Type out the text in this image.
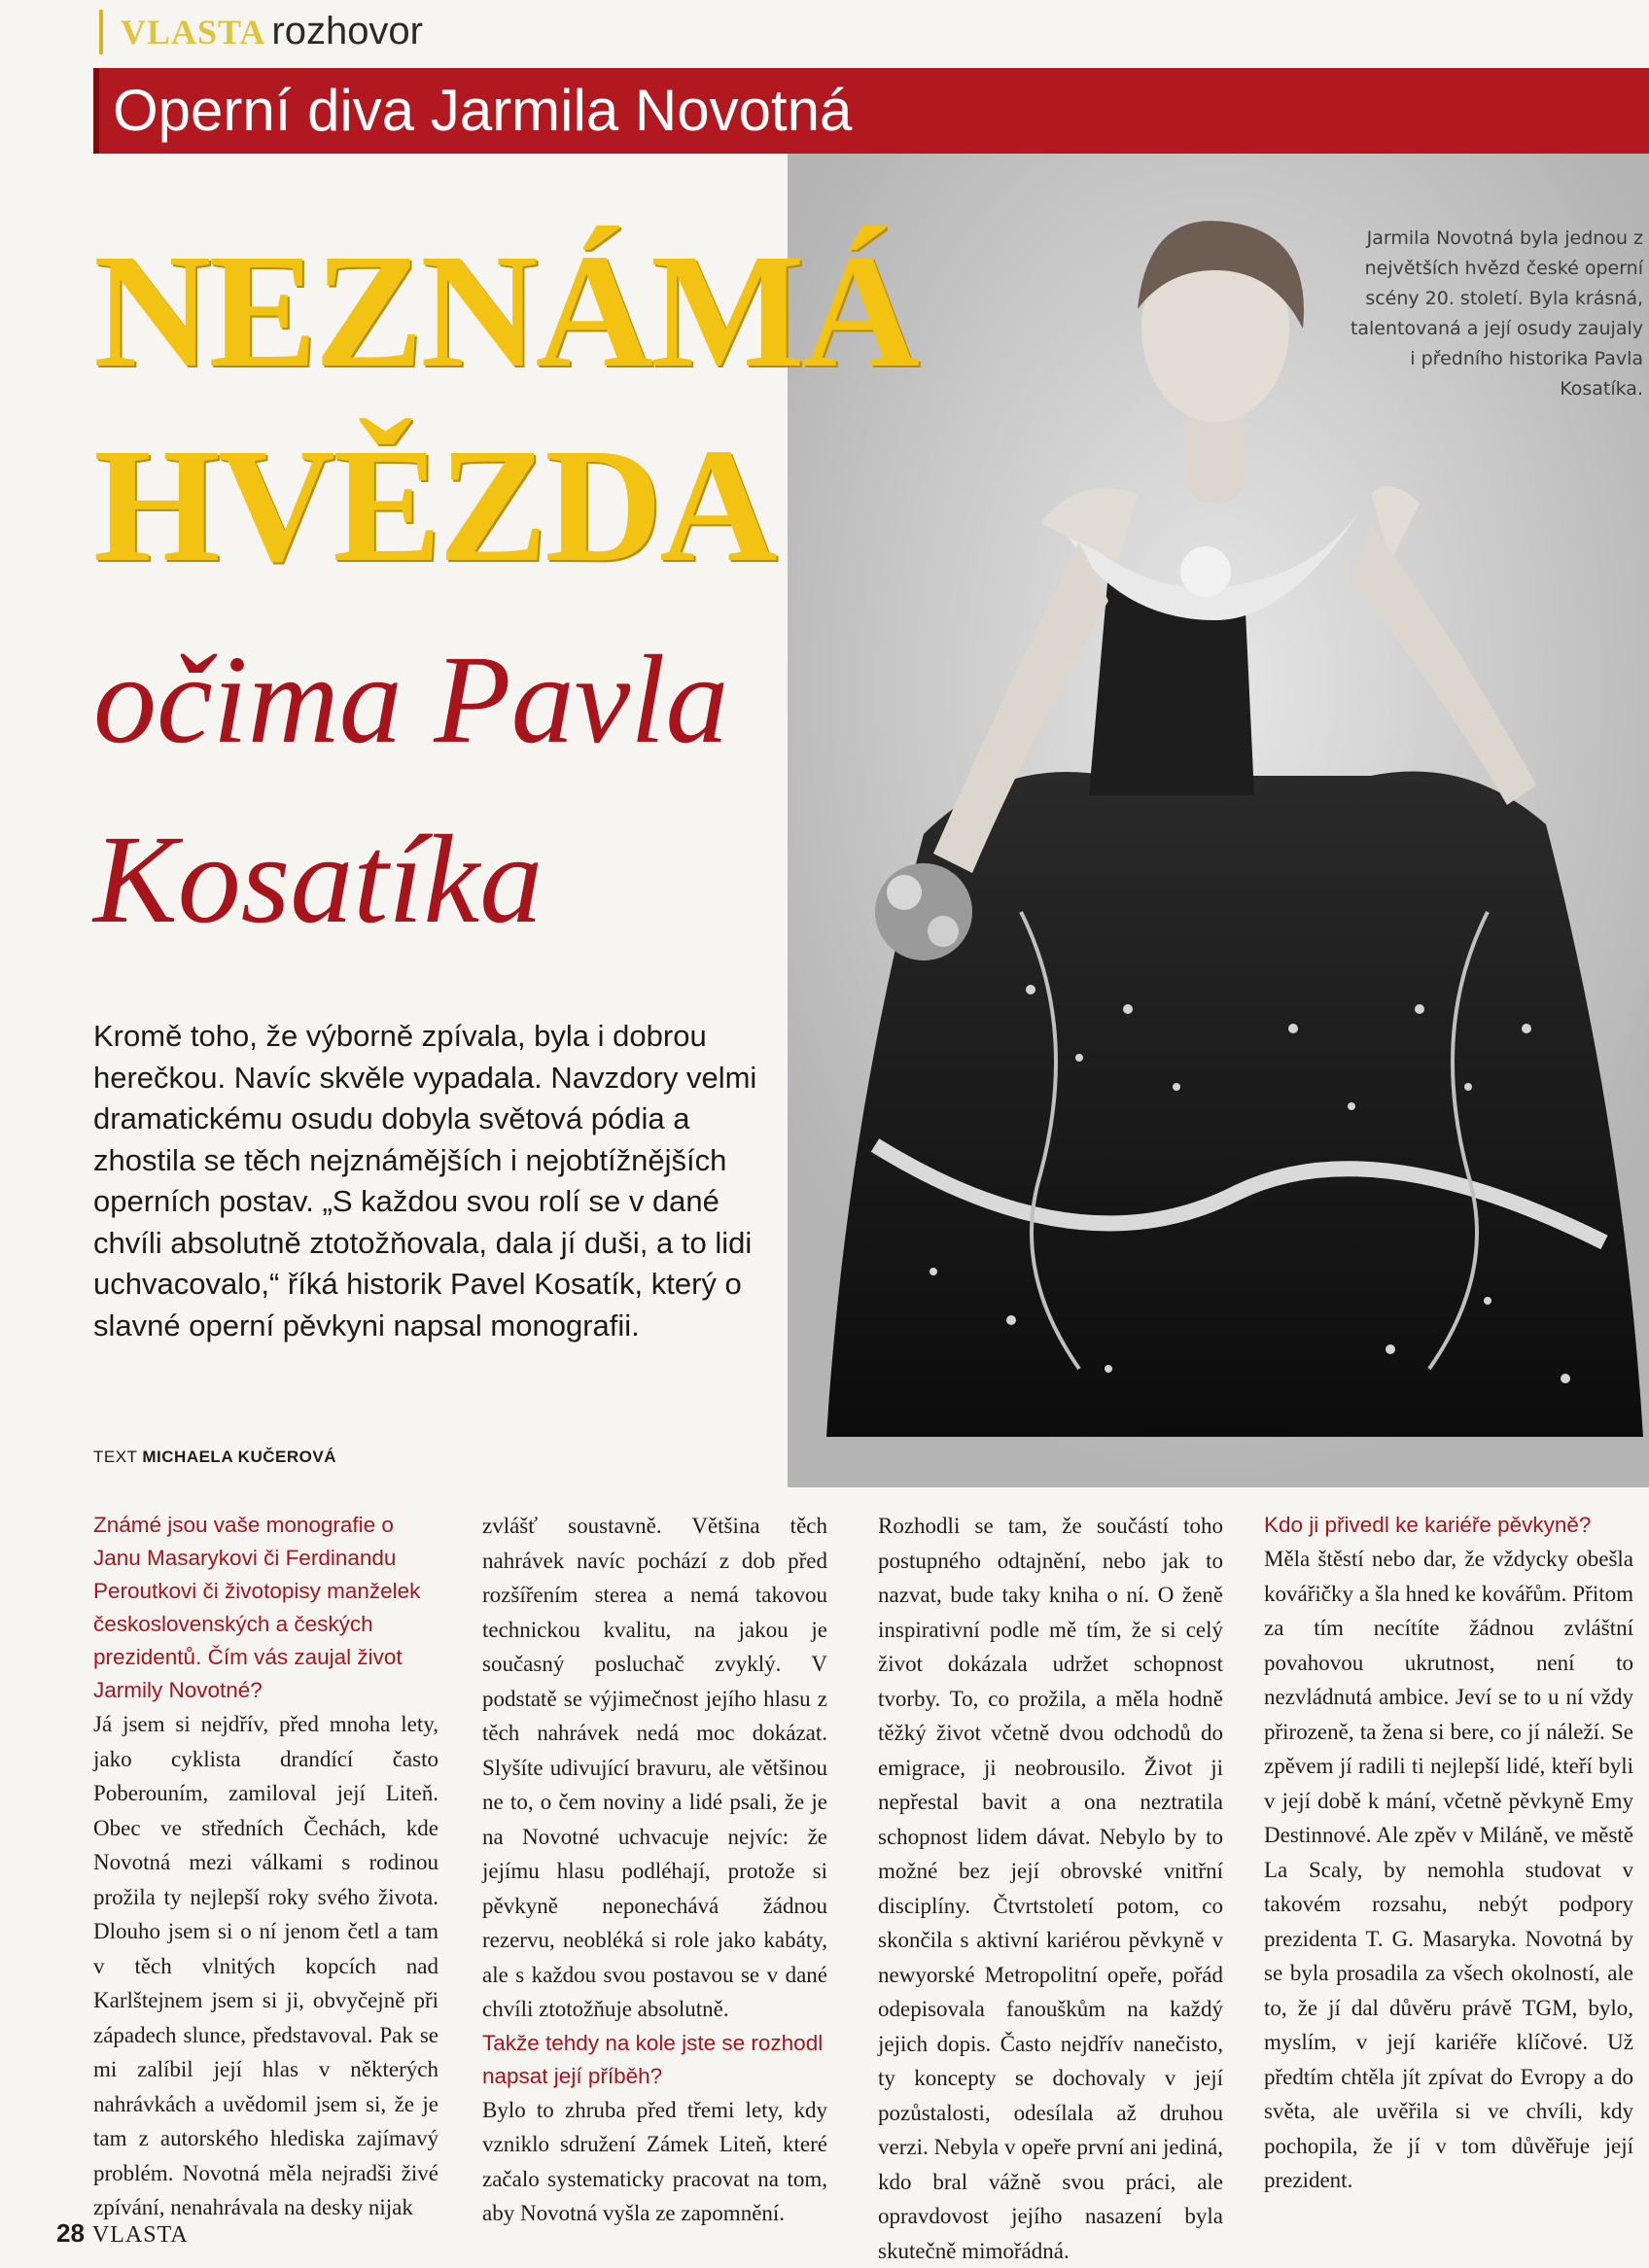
VLASTA rozhovor
Operní diva Jarmila Novotná
Jarmila Novotná byla jednou z největších hvězd české operní scény 20. století. Byla krásná, talentovaná a její osudy zaujaly i předního historika Pavla Kosatíka.
NEZNÁMÁ
HVĚZDA
očima Pavla
Kosatíka

Kromě toho, že výborně zpívala, byla i dobrou herečkou. Navíc skvěle vypadala. Navzdory velmi dramatickému osudu dobyla světová pódia a zhostila se těch nejznámějších i nejobtížnějších operních postav. „S každou svou rolí se v dané chvíli absolutně ztotožňovala, dala jí duši, a to lidi uchvacovalo,“ říká historik Pavel Kosatík, který o slavné operní pěvkyni napsal monografii.

TEXT MICHAELA KUČEROVÁ

Známé jsou vaše monografie o Janu Masarykovi či Ferdinandu Peroutkovi či životopisy manželek československých a českých prezidentů. Čím vás zaujal život Jarmily Novotné?

Já jsem si nejdřív, před mnoha lety, jako cyklista drandící často Poberouním, zamiloval její Liteň. Obec ve středních Čechách, kde Novotná mezi válkami s rodinou prožila ty nejlepší roky svého života. Dlouho jsem si o ní jenom četl a tam v těch vlnitých kopcích nad Karlštejnem jsem si ji, obvyčejně při západech slunce, představoval. Pak se mi zalíbil její hlas v některých nahrávkách a uvědomil jsem si, že je tam z autorského hlediska zajímavý problém. Novotná měla nejradši živé zpívání, nenahrávala na desky nijak

zvlášť soustavně. Většina těch nahrávek navíc pochází z dob před rozšířením sterea a nemá takovou technickou kvalitu, na jakou je současný posluchač zvyklý. V podstatě se výjimečnost jejího hlasu z těch nahrávek nedá moc dokázat. Slyšíte udivující bravuru, ale většinou ne to, o čem noviny a lidé psali, že je na Novotné uchvacuje nejvíc: že jejímu hlasu podléhají, protože si pěvkyně neponechává žádnou rezervu, neobléká si role jako kabáty, ale s každou svou postavou se v dané chvíli ztotožňuje absolutně.

Takže tehdy na kole jste se rozhodl napsat její příběh?

Bylo to zhruba před třemi lety, kdy vzniklo sdružení Zámek Liteň, které začalo systematicky pracovat na tom, aby Novotná vyšla ze zapomnění.

Rozhodli se tam, že součástí toho postupného odtajnění, nebo jak to nazvat, bude taky kniha o ní. O ženě inspirativní podle mě tím, že si celý život dokázala udržet schopnost tvorby. To, co prožila, a měla hodně těžký život včetně dvou odchodů do emigrace, ji neobrousilo. Život ji nepřestal bavit a ona neztratila schopnost lidem dávat. Nebylo by to možné bez její obrovské vnitřní disciplíny. Čtvrtstoletí potom, co skončila s aktivní kariérou pěvkyně v newyorské Metropolitní opeře, pořád odepisovala fanouškům na každý jejich dopis. Často nejdřív nanečisto, ty koncepty se dochovaly v její pozůstalosti, odesílala až druhou verzi. Nebyla v opeře první ani jediná, kdo bral vážně svou práci, ale opravdovost jejího nasazení byla skutečně mimořádná.

Kdo ji přivedl ke kariéře pěvkyně?

Měla štěstí nebo dar, že vždycky obešla kovářičky a šla hned ke kovářům. Přitom za tím necítíte žádnou zvláštní povahovou ukrutnost, není to nezvládnutá ambice. Jeví se to u ní vždy přirozeně, ta žena si bere, co jí náleží. Se zpěvem jí radili ti nejlepší lidé, kteří byli v její době k mání, včetně pěvkyně Emy Destinnové. Ale zpěv v Miláně, ve městě La Scaly, by nemohla studovat v takovém rozsahu, nebýt podpory prezidenta T. G. Masaryka. Novotná by se byla prosadila za všech okolností, ale to, že jí dal důvěru právě TGM, bylo, myslím, v její kariéře klíčové. Už předtím chtěla jít zpívat do Evropy a do světa, ale uvěřila si ve chvíli, kdy pochopila, že jí v tom důvěřuje její prezident.

28 VLASTA
